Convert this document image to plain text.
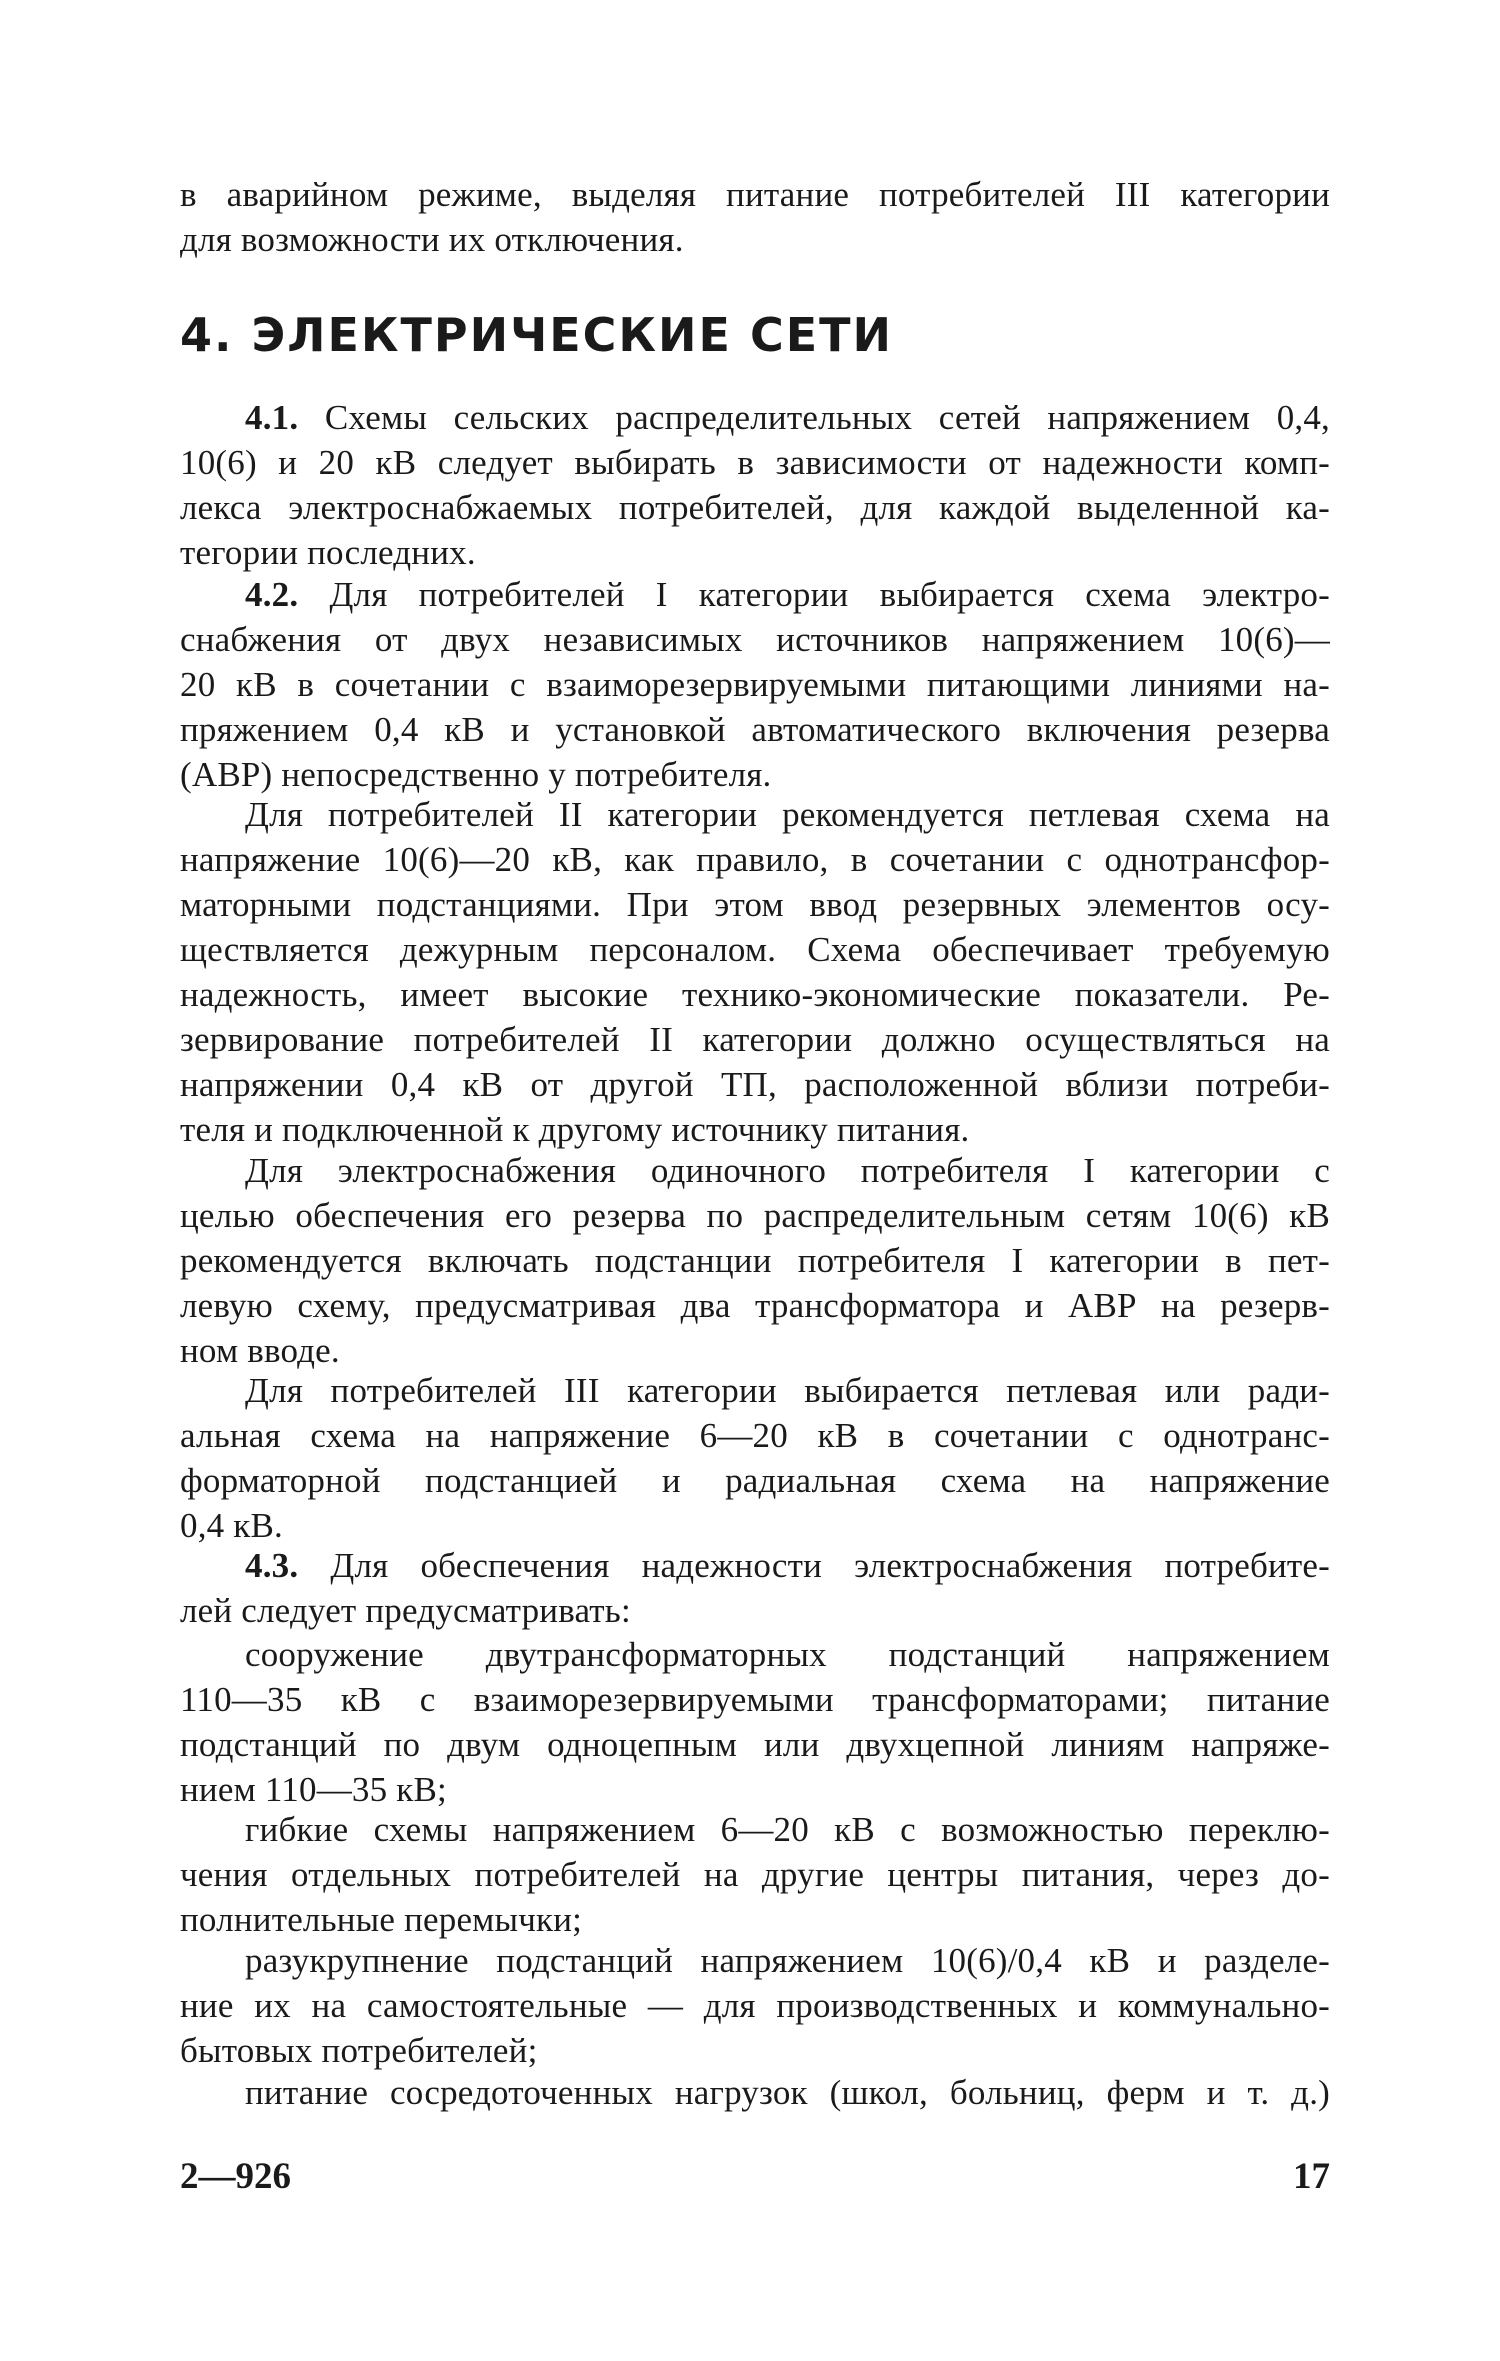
в аварийном режиме, выделяя питание потребителей III категории
для возможности их отключения.
4. ЭЛЕКТРИЧЕСКИЕ СЕТИ
4.1. Схемы сельских распределительных сетей напряжением 0,4,
10(6) и 20 кВ следует выбирать в зависимости от надежности комп-
лекса электроснабжаемых потребителей, для каждой выделенной ка-
тегории последних.
4.2. Для потребителей I категории выбирается схема электро-
снабжения от двух независимых источников напряжением 10(6)—
20 кВ в сочетании с взаиморезервируемыми питающими линиями на-
пряжением 0,4 кВ и установкой автоматического включения резерва
(АВР) непосредственно у потребителя.
Для потребителей II категории рекомендуется петлевая схема на
напряжение 10(6)—20 кВ, как правило, в сочетании с однотрансфор-
маторными подстанциями. При этом ввод резервных элементов осу-
ществляется дежурным персоналом. Схема обеспечивает требуемую
надежность, имеет высокие технико-экономические показатели. Ре-
зервирование потребителей II категории должно осуществляться на
напряжении 0,4 кВ от другой ТП, расположенной вблизи потреби-
теля и подключенной к другому источнику питания.
Для электроснабжения одиночного потребителя I категории с
целью обеспечения его резерва по распределительным сетям 10(6) кВ
рекомендуется включать подстанции потребителя I категории в пет-
левую схему, предусматривая два трансформатора и АВР на резерв-
ном вводе.
Для потребителей III категории выбирается петлевая или ради-
альная схема на напряжение 6—20 кВ в сочетании с однотранс-
форматорной подстанцией и радиальная схема на напряжение
0,4 кВ.
4.3. Для обеспечения надежности электроснабжения потребите-
лей следует предусматривать:
сооружение двутрансформаторных подстанций напряжением
110—35 кВ с взаиморезервируемыми трансформаторами; питание
подстанций по двум одноцепным или двухцепной линиям напряже-
нием 110—35 кВ;
гибкие схемы напряжением 6—20 кВ с возможностью переклю-
чения отдельных потребителей на другие центры питания, через до-
полнительные перемычки;
разукрупнение подстанций напряжением 10(6)/0,4 кВ и разделе-
ние их на самостоятельные — для производственных и коммунально-
бытовых потребителей;
питание сосредоточенных нагрузок (школ, больниц, ферм и т. д.)
2—926	17
